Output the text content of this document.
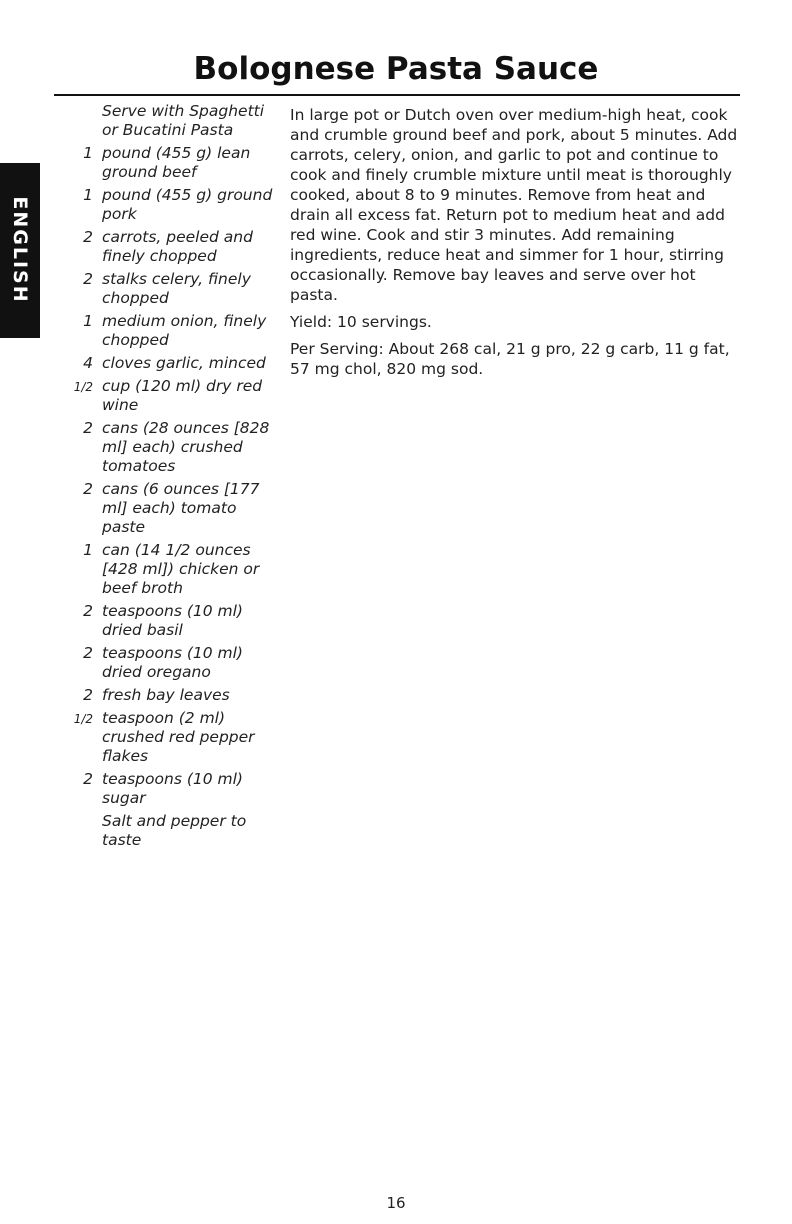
Bolognese Pasta Sauce
ENGLISH
Serve with Spaghetti or Bucatini Pasta
1 pound (455 g) lean ground beef
1 pound (455 g) ground pork
2 carrots, peeled and finely chopped
2 stalks celery, finely chopped
1 medium onion, finely chopped
4 cloves garlic, minced
1/2 cup (120 ml) dry red wine
2 cans (28 ounces [828 ml] each) crushed tomatoes
2 cans (6 ounces [177 ml] each) tomato paste
1 can (14 1/2 ounces [428 ml]) chicken or beef broth
2 teaspoons (10 ml) dried basil
2 teaspoons (10 ml) dried oregano
2 fresh bay leaves
1/2 teaspoon (2 ml) crushed red pepper flakes
2 teaspoons (10 ml) sugar
Salt and pepper to taste

In large pot or Dutch oven over medium-high heat, cook and crumble ground beef and pork, about 5 minutes. Add carrots, celery, onion, and garlic to pot and continue to cook and finely crumble mixture until meat is thoroughly cooked, about 8 to 9 minutes. Remove from heat and drain all excess fat. Return pot to medium heat and add red wine. Cook and stir 3 minutes. Add remaining ingredients, reduce heat and simmer for 1 hour, stirring occasionally. Remove bay leaves and serve over hot pasta.

Yield: 10 servings.

Per Serving: About 268 cal, 21 g pro, 22 g carb, 11 g fat, 57 mg chol, 820 mg sod.

16
